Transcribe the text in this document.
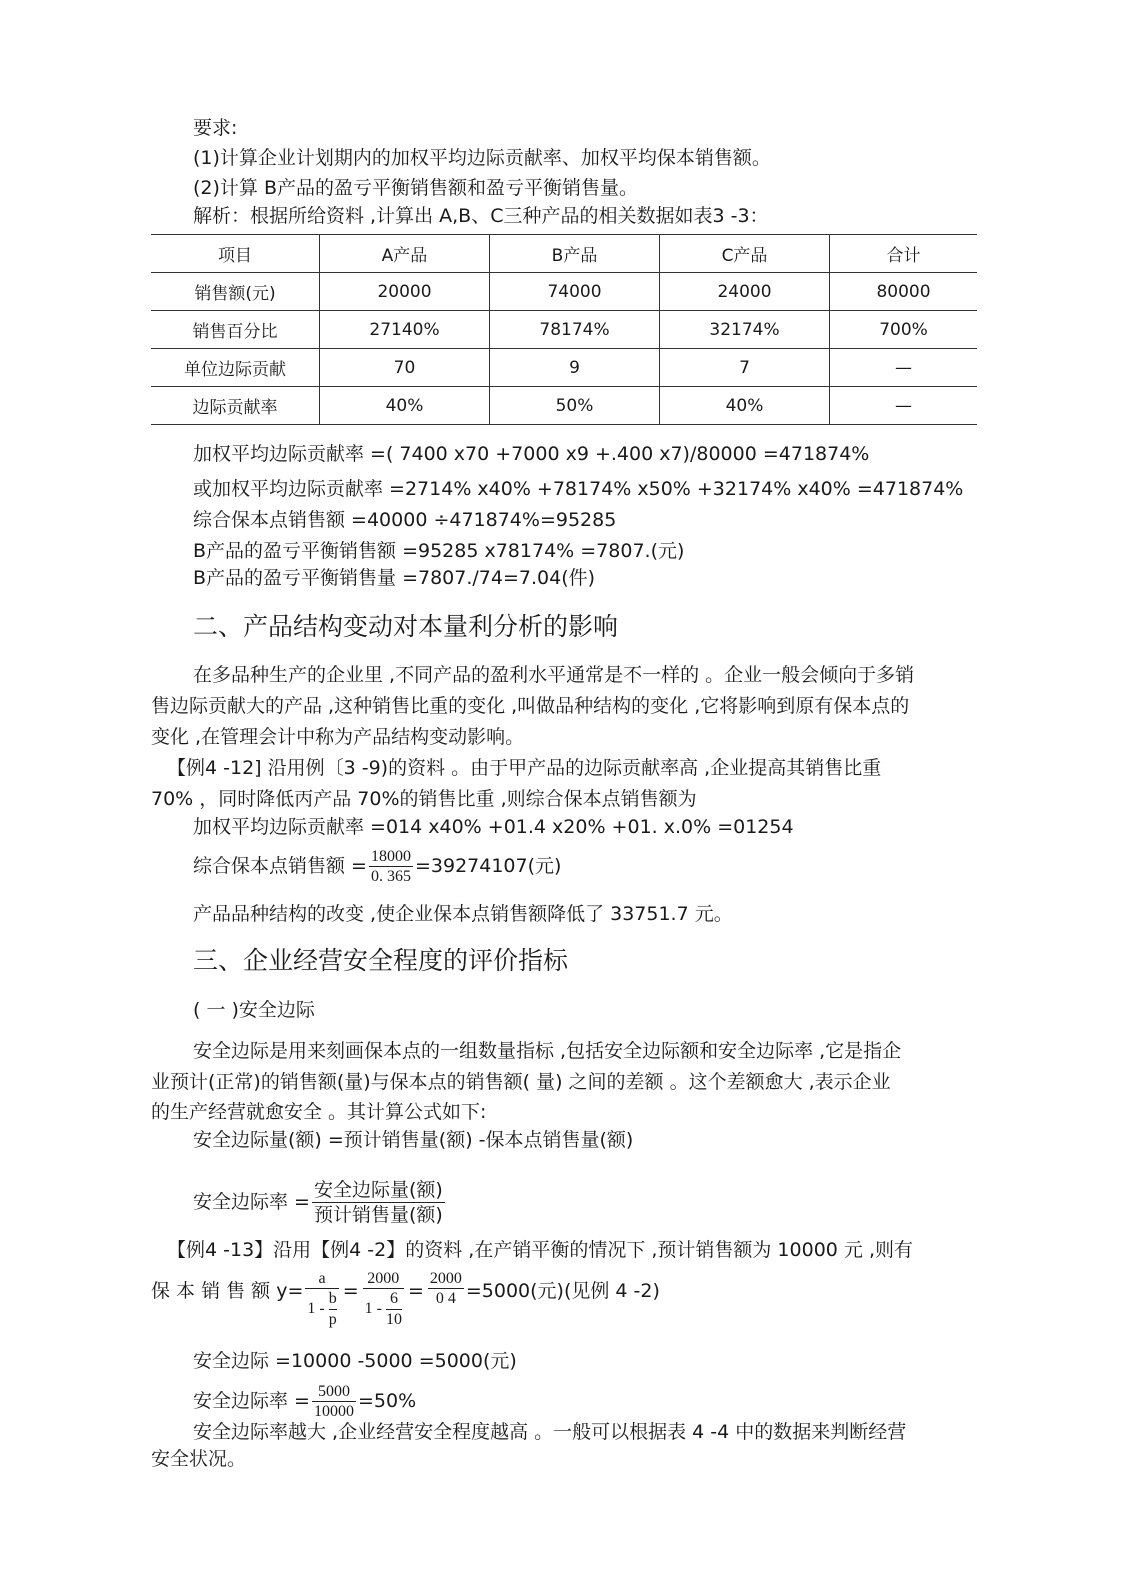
要求:
(1)计算企业计划期内的加权平均边际贡献率、加权平均保本销售额。
(2)计算 B产品的盈亏平衡销售额和盈亏平衡销售量。
解析：根据所给资料 ,计算出 A,B、C三种产品的相关数据如表3 -3：
项目	A产品	B产品	C产品	合计
销售额(元)	20000	74000	24000	80000
销售百分比	27140%	78174%	32174%	700%
单位边际贡献	70	9	7	—
边际贡献率	40%	50%	40%	—
加权平均边际贡献率 =( 7400 x70 +7000 x9 +.400 x7)/80000 =471874%
或加权平均边际贡献率 =2714% x40% +78174% x50% +32174% x40% =471874%
综合保本点销售额 =40000 ÷471874%=95285
B产品的盈亏平衡销售额 =95285 x78174% =7807.(元)
B产品的盈亏平衡销售量 =7807./74=7.04(件)
二、产品结构变动对本量利分析的影响
在多品种生产的企业里 ,不同产品的盈利水平通常是不一样的 。企业一般会倾向于多销
售边际贡献大的产品 ,这种销售比重的变化 ,叫做品种结构的变化 ,它将影响到原有保本点的
变化 ,在管理会计中称为产品结构变动影响。
【例4 -12] 沿用例〔3 -9)的资料 。由于甲产品的边际贡献率高 ,企业提高其销售比重
70% ，同时降低丙产品 70%的销售比重 ,则综合保本点销售额为
加权平均边际贡献率 =014 x40% +01.4 x20% +01. x.0% =01254
综合保本点销售额 = $\frac{18000}{0. 365} =39274107$(元)
产品品种结构的改变 ,使企业保本点销售额降低了 33751.7 元。
三、企业经营安全程度的评价指标
( 一 )安全边际
安全边际是用来刻画保本点的一组数量指标 ,包括安全边际额和安全边际率 ,它是指企
业预计(正常)的销售额(量)与保本点的销售额( 量) 之间的差额 。这个差额愈大 ,表示企业
的生产经营就愈安全 。其计算公式如下:
安全边际量(额) =预计销售量(额) -保本点销售量(额)
安全边际率 =
安全边际量(额)
预计销售量(额)
【例4 -13】沿用【例4 -2】的资料 ,在产销平衡的情况下 ,预计销售额为 10000 元 ,则有
保 本 销 售 额 $y= \frac{a}{1 - \frac{b}{p}} = \frac{2000}{1 - \frac{6}{10}} = \frac{2000}{0 4} =5000$(元)(见例 4 -2)
安全边际 =10000 -5000 =5000(元)
安全边际率 = $\frac{5000}{10000} =50\%$
安全边际率越大 ,企业经营安全程度越高 。一般可以根据表 4 -4 中的数据来判断经营
安全状况。
